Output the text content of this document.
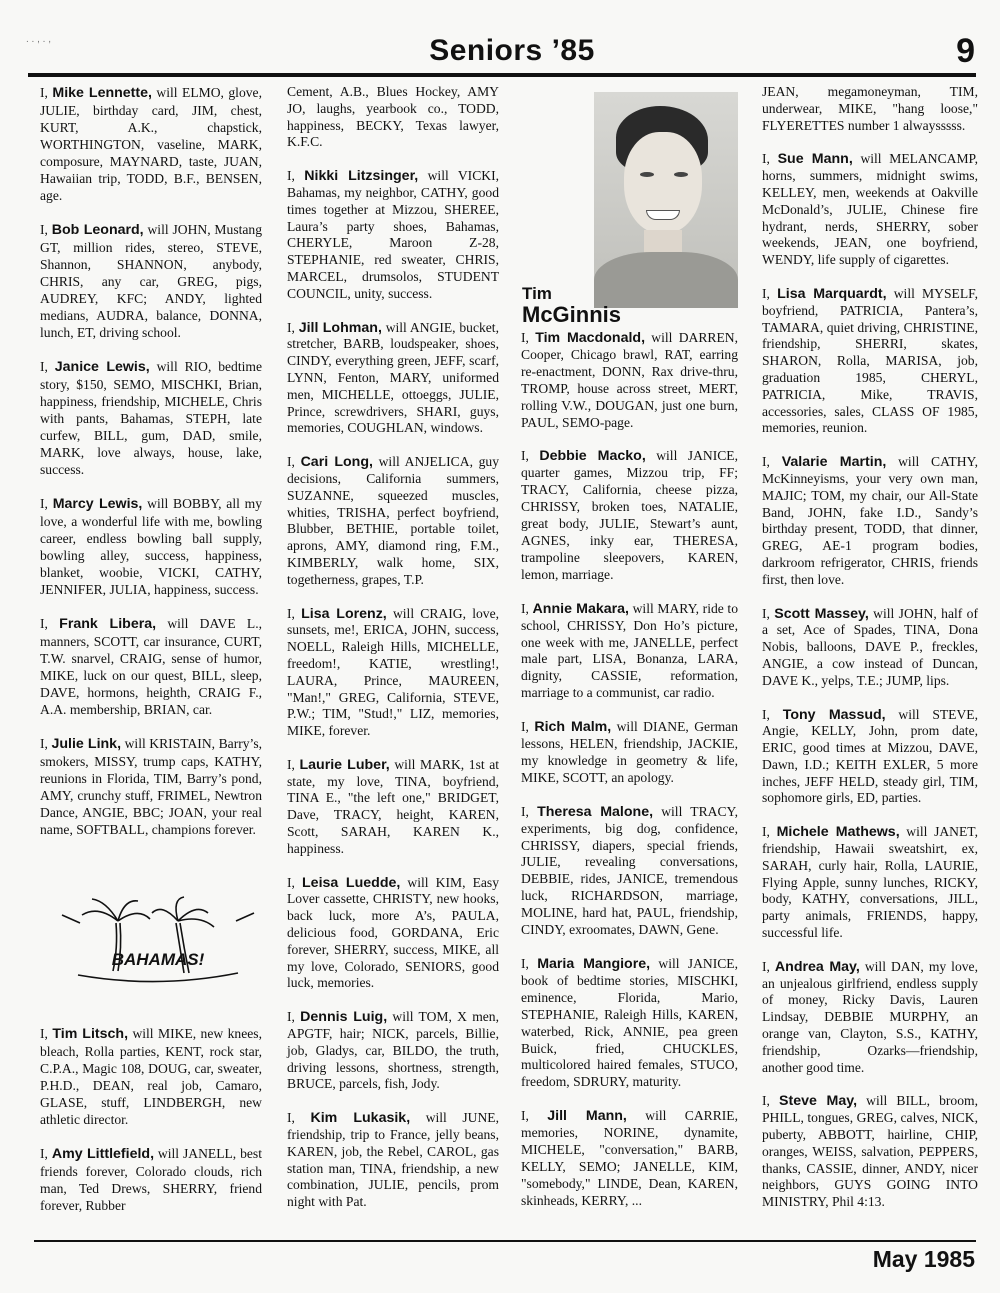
. . , . ,	Seniors ’85	9

I, Mike Lennette, will ELMO, glove, JULIE, birthday card, JIM, chest, KURT, A.K., chapstick, WORTHINGTON, vaseline, MARK, composure, MAYNARD, taste, JUAN, Hawaiian trip, TODD, B.F., BENSEN, age.

I, Bob Leonard, will JOHN, Mustang GT, million rides, stereo, STEVE, Shannon, SHANNON, anybody, CHRIS, any car, GREG, pigs, AUDREY, KFC; ANDY, lighted medians, AUDRA, balance, DONNA, lunch, ET, driving school.

I, Janice Lewis, will RIO, bedtime story, $150, SEMO, MISCHKI, Brian, happiness, friendship, MICHELE, Chris with pants, Bahamas, STEPH, late curfew, BILL, gum, DAD, smile, MARK, love always, house, lake, success.

I, Marcy Lewis, will BOBBY, all my love, a wonderful life with me, bowling career, endless bowling ball supply, bowling alley, success, happiness, blanket, woobie, VICKI, CATHY, JENNIFER, JULIA, happiness, success.

I, Frank Libera, will DAVE L., manners, SCOTT, car insurance, CURT, T.W. snarvel, CRAIG, sense of humor, MIKE, luck on our quest, BILL, sleep, DAVE, hormons, heighth, CRAIG F., A.A. membership, BRIAN, car.

I, Julie Link, will KRISTAIN, Barry’s, smokers, MISSY, trump caps, KATHY, reunions in Florida, TIM, Barry’s pond, AMY, crunchy stuff, FRIMEL, Newtron Dance, ANGIE, BBC; JOAN, your real name, SOFTBALL, champions forever.

I, Tim Litsch, will MIKE, new knees, bleach, Rolla parties, KENT, rock star, C.P.A., Magic 108, DOUG, car, sweater, P.H.D., DEAN, real job, Camaro, GLASE, stuff, LINDBERGH, new athletic director.

I, Amy Littlefield, will JANELL, best friends forever, Colorado clouds, rich man, Ted Drews, SHERRY, friend forever, Rubber

BAHAMAS!

Cement, A.B., Blues Hockey, AMY JO, laughs, yearbook co., TODD, happiness, BECKY, Texas lawyer, K.F.C.

I, Nikki Litzsinger, will VICKI, Bahamas, my neighbor, CATHY, good times together at Mizzou, SHEREE, Laura’s party shoes, Bahamas, CHERYLE, Maroon Z-28, STEPHANIE, red sweater, CHRIS, MARCEL, drumsolos, STUDENT COUNCIL, unity, success.

I, Jill Lohman, will ANGIE, bucket, stretcher, BARB, loudspeaker, shoes, CINDY, everything green, JEFF, scarf, LYNN, Fenton, MARY, uniformed men, MICHELLE, ottoeggs, JULIE, Prince, screwdrivers, SHARI, guys, memories, COUGHLAN, windows.

I, Cari Long, will ANJELICA, guy decisions, California summers, SUZANNE, squeezed muscles, whities, TRISHA, perfect boyfriend, Blubber, BETHIE, portable toilet, aprons, AMY, diamond ring, F.M., KIMBERLY, walk home, SIX, togetherness, grapes, T.P.

I, Lisa Lorenz, will CRAIG, love, sunsets, me!, ERICA, JOHN, success, NOELL, Raleigh Hills, MICHELLE, freedom!, KATIE, wrestling!, LAURA, Prince, MAUREEN, "Man!," GREG, California, STEVE, P.W.; TIM, "Stud!," LIZ, memories, MIKE, forever.

I, Laurie Luber, will MARK, 1st at state, my love, TINA, boyfriend, TINA E., "the left one," BRIDGET, Dave, TRACY, height, KAREN, Scott, SARAH, KAREN K., happiness.

I, Leisa Luedde, will KIM, Easy Lover cassette, CHRISTY, new hooks, back luck, more A’s, PAULA, delicious food, GORDANA, Eric forever, SHERRY, success, MIKE, all my love, Colorado, SENIORS, good luck, memories.

I, Dennis Luig, will TOM, X men, APGTF, hair; NICK, parcels, Billie, job, Gladys, car, BILDO, the truth, driving lessons, shortness, strength, BRUCE, parcels, fish, Jody.

I, Kim Lukasik, will JUNE, friendship, trip to France, jelly beans, KAREN, job, the Rebel, CAROL, gas station man, TINA, friendship, a new combination, JULIE, pencils, prom night with Pat.

Tim
McGinnis

I, Tim Macdonald, will DARREN, Cooper, Chicago brawl, RAT, earring re-enactment, DONN, Rax drive-thru, TROMP, house across street, MERT, rolling V.W., DOUGAN, just one burn, PAUL, SEMO-page.

I, Debbie Macko, will JANICE, quarter games, Mizzou trip, FF; TRACY, California, cheese pizza, CHRISSY, broken toes, NATALIE, great body, JULIE, Stewart’s aunt, AGNES, inky ear, THERESA, trampoline sleepovers, KAREN, lemon, marriage.

I, Annie Makara, will MARY, ride to school, CHRISSY, Don Ho’s picture, one week with me, JANELLE, perfect male part, LISA, Bonanza, LARA, dignity, CASSIE, reformation, marriage to a communist, car radio.

I, Rich Malm, will DIANE, German lessons, HELEN, friendship, JACKIE, my knowledge in geometry & life, MIKE, SCOTT, an apology.

I, Theresa Malone, will TRACY, experiments, big dog, confidence, CHRISSY, diapers, special friends, JULIE, revealing conversations, DEBBIE, rides, JANICE, tremendous luck, RICHARDSON, marriage, MOLINE, hard hat, PAUL, friendship, CINDY, exroomates, DAWN, Gene.

I, Maria Mangiore, will JANICE, book of bedtime stories, MISCHKI, eminence, Florida, Mario, STEPHANIE, Raleigh Hills, KAREN, waterbed, Rick, ANNIE, pea green Buick, fried, CHUCKLES, multicolored haired females, STUCO, freedom, SDRURY, maturity.

I, Jill Mann, will CARRIE, memories, NORINE, dynamite, MICHELE, "conversation," BARB, KELLY, SEMO; JANELLE, KIM, "somebody," LINDE, Dean, KAREN, skinheads, KERRY, ...

JEAN, megamoneyman, TIM, underwear, MIKE, "hang loose," FLYERETTES number 1 alwaysssss.

I, Sue Mann, will MELANCAMP, horns, summers, midnight swims, KELLEY, men, weekends at Oakville McDonald’s, JULIE, Chinese fire hydrant, nerds, SHERRY, sober weekends, JEAN, one boyfriend, WENDY, life supply of cigarettes.

I, Lisa Marquardt, will MYSELF, boyfriend, PATRICIA, Pantera’s, TAMARA, quiet driving, CHRISTINE, friendship, SHERRI, skates, SHARON, Rolla, MARISA, job, graduation 1985, CHERYL, PATRICIA, Mike, TRAVIS, accessories, sales, CLASS OF 1985, memories, reunion.

I, Valarie Martin, will CATHY, McKinneyisms, your very own man, MAJIC; TOM, my chair, our All-State Band, JOHN, fake I.D., Sandy’s birthday present, TODD, that dinner, GREG, AE-1 program bodies, darkroom refrigerator, CHRIS, friends first, then love.

I, Scott Massey, will JOHN, half of a set, Ace of Spades, TINA, Dona Nobis, balloons, DAVE P., freckles, ANGIE, a cow instead of Duncan, DAVE K., yelps, T.E.; JUMP, lips.

I, Tony Massud, will STEVE, Angie, KELLY, John, prom date, ERIC, good times at Mizzou, DAVE, Dawn, I.D.; KEITH EXLER, 5 more inches, JEFF HELD, steady girl, TIM, sophomore girls, ED, parties.

I, Michele Mathews, will JANET, friendship, Hawaii sweatshirt, ex, SARAH, curly hair, Rolla, LAURIE, Flying Apple, sunny lunches, RICKY, body, KATHY, conversations, JILL, party animals, FRIENDS, happy, successful life.

I, Andrea May, will DAN, my love, an unjealous girlfriend, endless supply of money, Ricky Davis, Lauren Lindsay, DEBBIE MURPHY, an orange van, Clayton, S.S., KATHY, friendship, Ozarks—friendship, another good time.

I, Steve May, will BILL, broom, PHILL, tongues, GREG, calves, NICK, puberty, ABBOTT, hairline, CHIP, oranges, WEISS, salvation, PEPPERS, thanks, CASSIE, dinner, ANDY, nicer neighbors, GUYS GOING INTO MINISTRY, Phil 4:13.

May 1985
